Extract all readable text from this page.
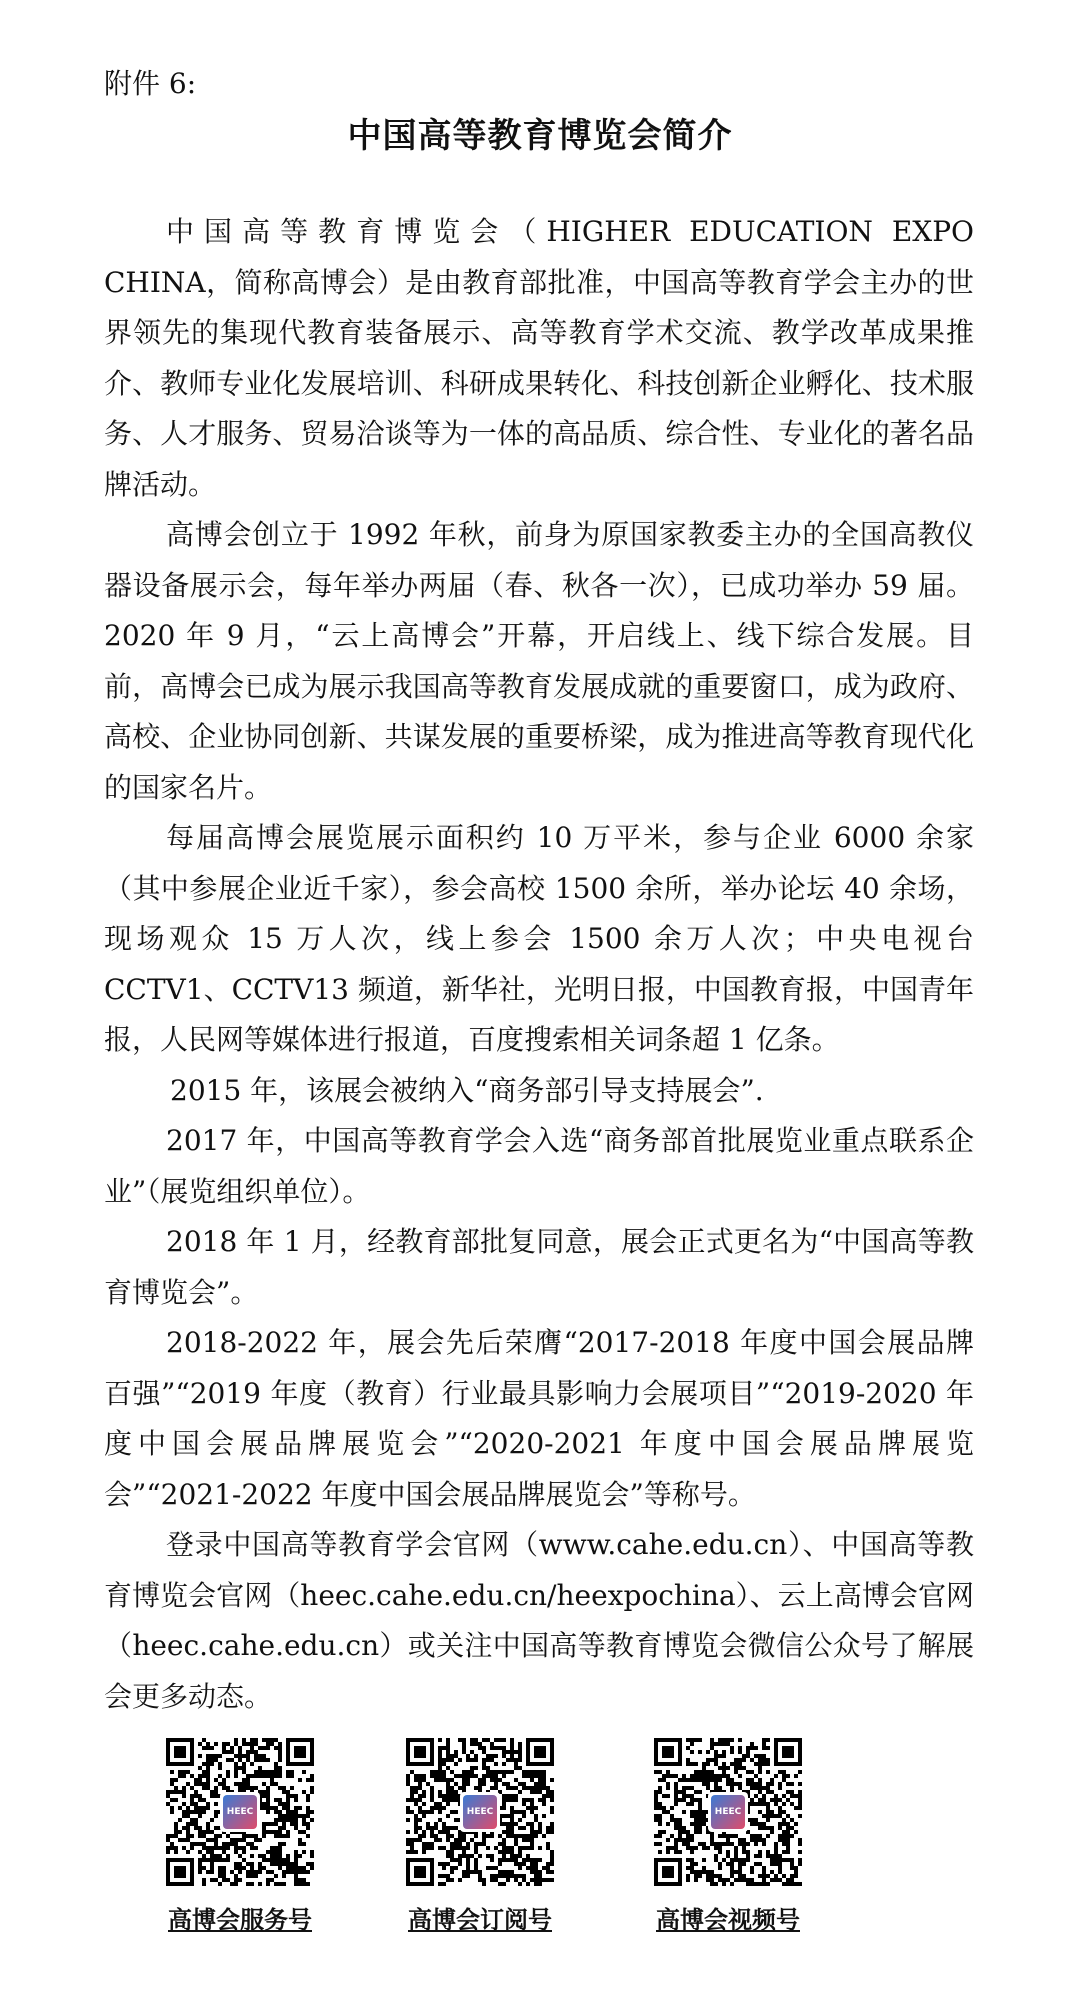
附件 6:
中国高等教育博览会简介

中国高等教育博览会（HIGHER EDUCATION EXPO CHINA，简称高博会）是由教育部批准，中国高等教育学会主办的世界领先的集现代教育装备展示、高等教育学术交流、教学改革成果推介、教师专业化发展培训、科研成果转化、科技创新企业孵化、技术服务、人才服务、贸易洽谈等为一体的高品质、综合性、专业化的著名品牌活动。

高博会创立于 1992 年秋，前身为原国家教委主办的全国高教仪器设备展示会，每年举办两届（春、秋各一次），已成功举办 59 届。2020 年 9 月，“云上高博会”开幕，开启线上、线下综合发展。目前，高博会已成为展示我国高等教育发展成就的重要窗口，成为政府、高校、企业协同创新、共谋发展的重要桥梁，成为推进高等教育现代化的国家名片。

每届高博会展览展示面积约 10 万平米，参与企业 6000 余家（其中参展企业近千家），参会高校 1500 余所，举办论坛 40 余场，现场观众 15 万人次，线上参会 1500 余万人次；中央电视台 CCTV1、CCTV13 频道，新华社，光明日报，中国教育报，中国青年报，人民网等媒体进行报道，百度搜索相关词条超 1 亿条。

2015 年，该展会被纳入“商务部引导支持展会”.

2017 年，中国高等教育学会入选“商务部首批展览业重点联系企业”（展览组织单位）。

2018 年 1 月，经教育部批复同意，展会正式更名为“中国高等教育博览会”。

2018-2022 年，展会先后荣膺“2017-2018 年度中国会展品牌百强”“2019 年度（教育）行业最具影响力会展项目”“2019-2020 年度中国会展品牌展览会”“2020-2021 年度中国会展品牌展览会”“2021-2022 年度中国会展品牌展览会”等称号。

登录中国高等教育学会官网（www.cahe.edu.cn）、中国高等教育博览会官网（heec.cahe.edu.cn/heexpochina）、云上高博会官网（heec.cahe.edu.cn）或关注中国高等教育博览会微信公众号了解展会更多动态。

HEEC
高博会服务号
HEEC
高博会订阅号
HEEC
高博会视频号
